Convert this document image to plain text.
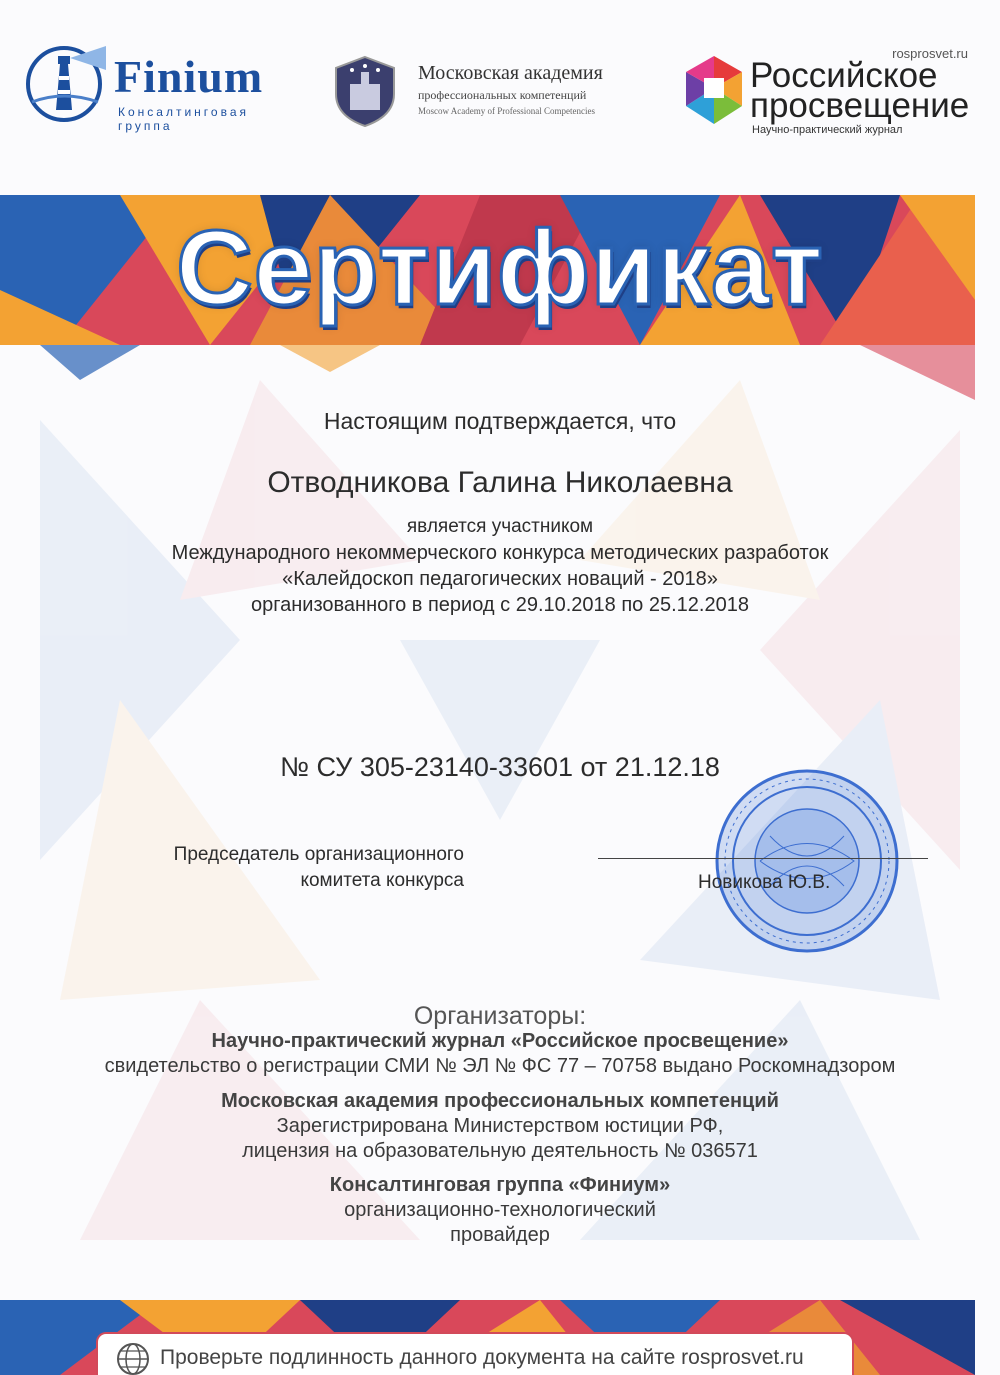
Finium
Консалтинговая группа
Московская академия
профессиональных компетенций
Moscow Academy of Professional Competencies
rosprosvet.ru
Российское
просвещение
Научно-практический журнал
Сертификат
Настоящим подтверждается, что
Отводникова Галина Николаевна
является участником
Международного некоммерческого конкурса методических разработок
«Калейдоскоп педагогических новаций - 2018»
организованного в период с 29.10.2018 по 25.12.2018
№ СУ 305-23140-33601 от 21.12.18
Председатель организационного
комитета конкурса	Новикова Ю.В.
Организаторы:
Научно-практический журнал «Российское просвещение»
свидетельство о регистрации СМИ № ЭЛ № ФС 77 – 70758 выдано Роскомнадзором
Московская академия профессиональных компетенций
Зарегистрирована Министерством юстиции РФ,
лицензия на образовательную деятельность № 036571
Консалтинговая группа «Финиум»
организационно-технологический
провайдер
Проверьте подлинность данного документа на сайте rosprosvet.ru
